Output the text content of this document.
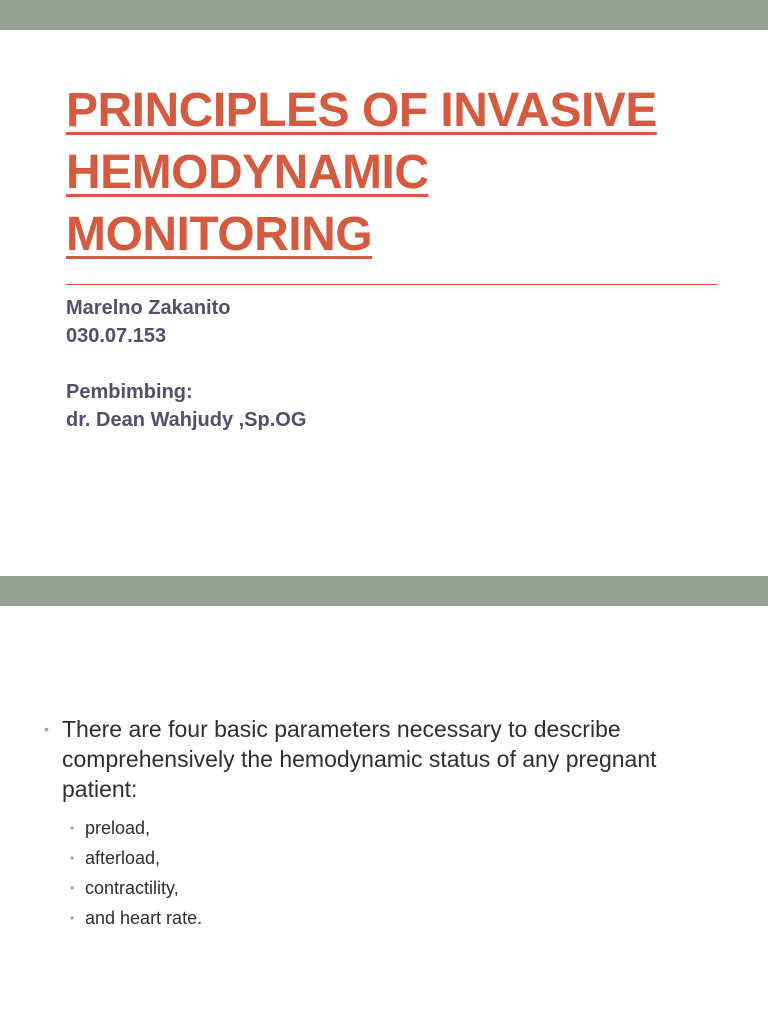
PRINCIPLES OF INVASIVE
HEMODYNAMIC
MONITORING
Marelno Zakanito
030.07.153
Pembimbing:
dr. Dean Wahjudy ,Sp.OG
• There are four basic parameters necessary to describe comprehensively the hemodynamic status of any pregnant patient:
• preload,
• afterload,
• contractility,
• and heart rate.
